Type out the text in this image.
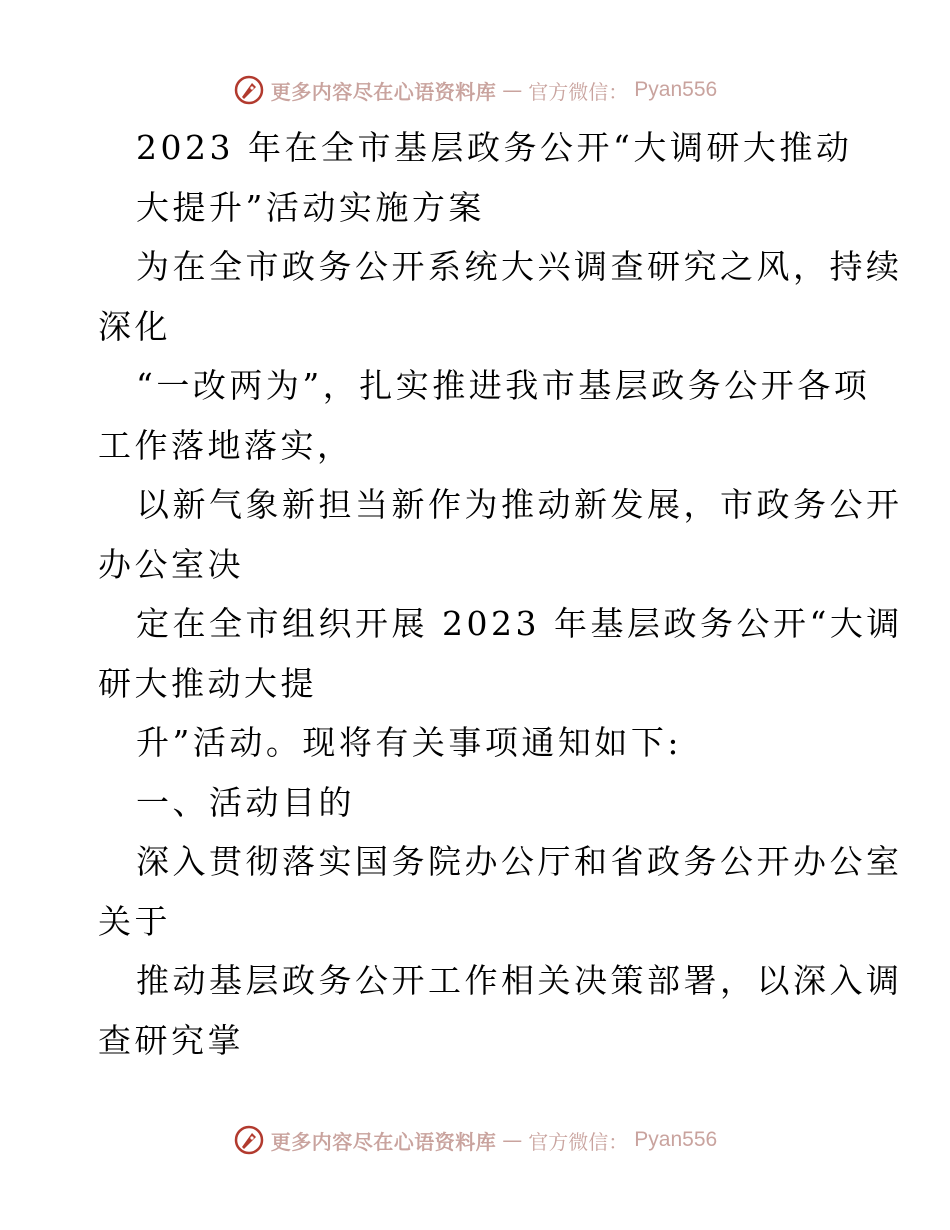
更多内容尽在心语资料库 — 官方微信： Pyan556
2023 年在全市基层政务公开“大调研大推动
大提升”活动实施方案
为在全市政务公开系统大兴调查研究之风，持续
深化
“一改两为”，扎实推进我市基层政务公开各项
工作落地落实，
以新气象新担当新作为推动新发展，市政务公开
办公室决
定在全市组织开展 2023 年基层政务公开“大调
研大推动大提
升”活动。现将有关事项通知如下:
一、活动目的
深入贯彻落实国务院办公厅和省政务公开办公室
关于
推动基层政务公开工作相关决策部署，以深入调
查研究掌
更多内容尽在心语资料库 — 官方微信： Pyan556
